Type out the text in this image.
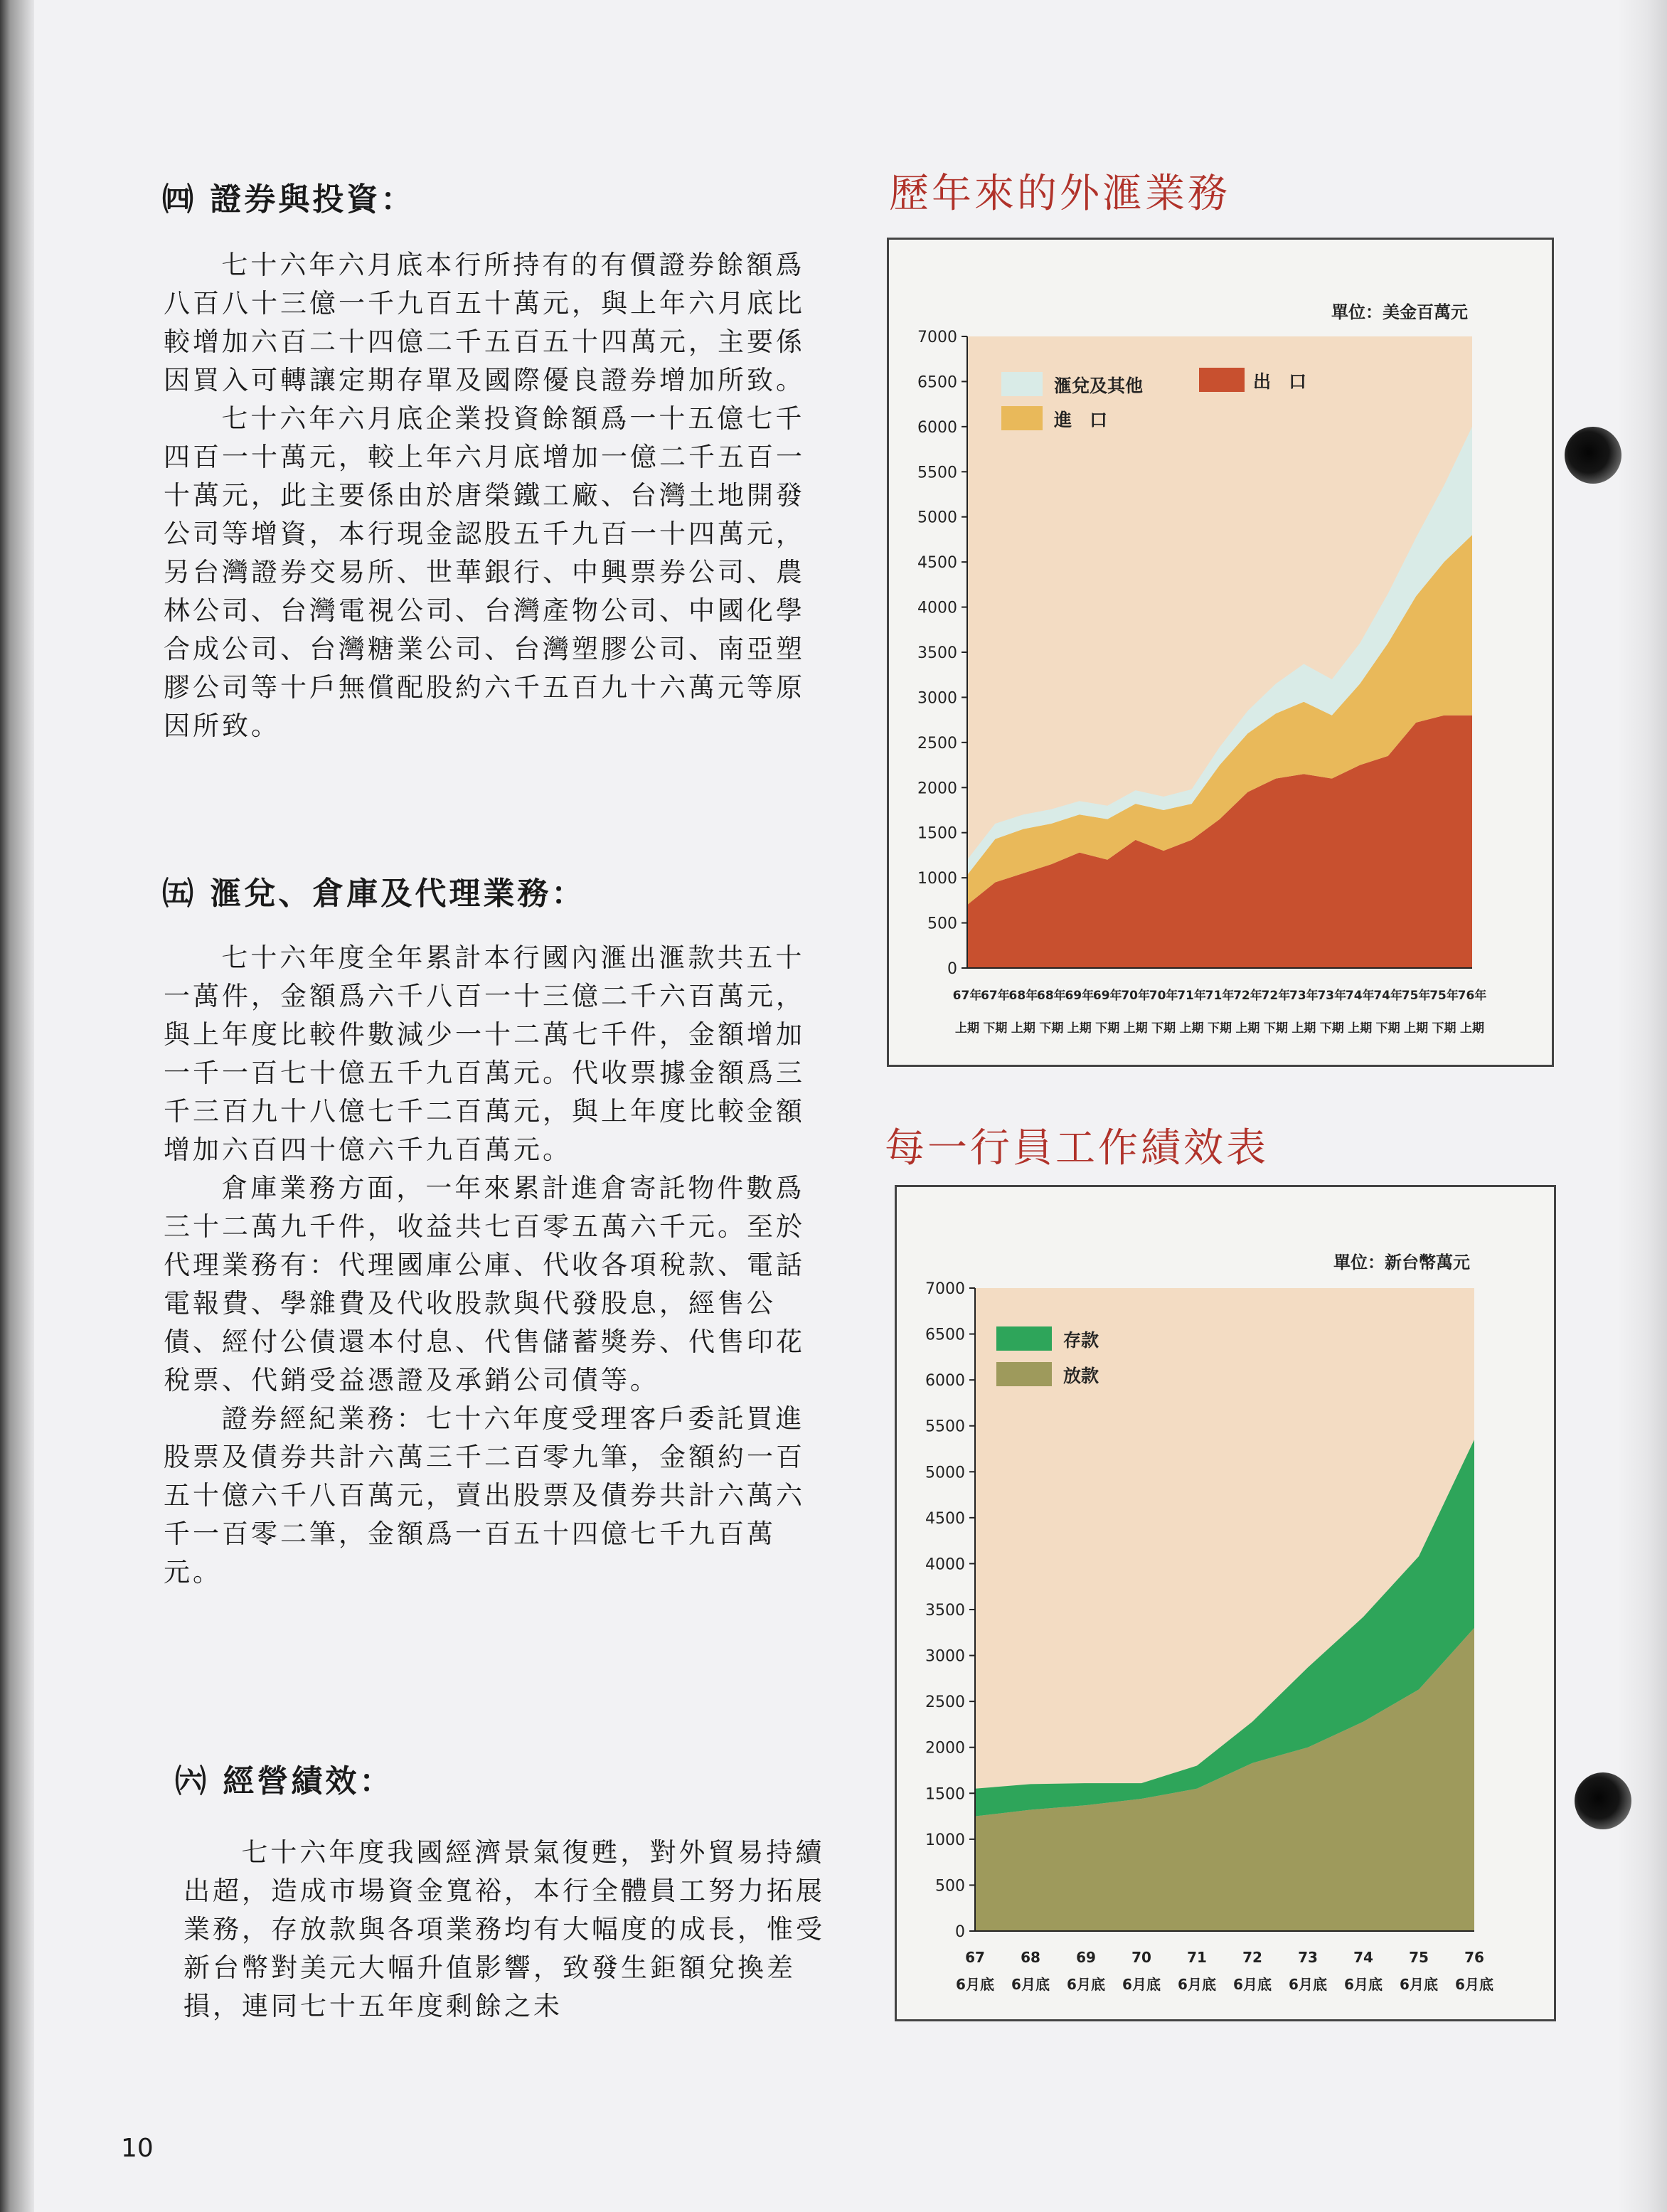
㈣ 證券與投資：

七十六年六月底本行所持有的有價證券餘額爲八百八十三億一千九百五十萬元，與上年六月底比較增加六百二十四億二千五百五十四萬元，主要係因買入可轉讓定期存單及國際優良證券增加所致。

七十六年六月底企業投資餘額爲一十五億七千四百一十萬元，較上年六月底增加一億二千五百一十萬元，此主要係由於唐榮鐵工廠、台灣土地開發公司等增資，本行現金認股五千九百一十四萬元，另台灣證券交易所、世華銀行、中興票券公司、農林公司、台灣電視公司、台灣產物公司、中國化學合成公司、台灣糖業公司、台灣塑膠公司、南亞塑膠公司等十戶無償配股約六千五百九十六萬元等原因所致。

㈤ 滙兌、倉庫及代理業務：

七十六年度全年累計本行國內滙出滙款共五十一萬件，金額爲六千八百一十三億二千六百萬元，與上年度比較件數減少一十二萬七千件，金額增加一千一百七十億五千九百萬元。代收票據金額爲三千三百九十八億七千二百萬元，與上年度比較金額增加六百四十億六千九百萬元。

倉庫業務方面，一年來累計進倉寄託物件數爲三十二萬九千件，收益共七百零五萬六千元。至於代理業務有：代理國庫公庫、代收各項稅款、電話電報費、學雜費及代收股款與代發股息，經售公債、經付公債還本付息、代售儲蓄獎券、代售印花稅票、代銷受益憑證及承銷公司債等。

證券經紀業務：七十六年度受理客戶委託買進股票及債券共計六萬三千二百零九筆，金額約一百五十億六千八百萬元，賣出股票及債券共計六萬六千一百零二筆，金額爲一百五十四億七千九百萬元。

㈥ 經營績效：

七十六年度我國經濟景氣復甦，對外貿易持續出超，造成市場資金寬裕，本行全體員工努力拓展業務，存放款與各項業務均有大幅度的成長，惟受新台幣對美元大幅升值影響，致發生鉅額兌換差損，連同七十五年度剩餘之未

10
歷年來的外滙業務
7000
6500
6000
5500
5000
4500
4000
3500
3000
2500
2000
1500
1000
500
0
67年
上期
67年
下期
68年
上期
68年
下期
69年
上期
69年
下期
70年
上期
70年
下期
71年
上期
71年
下期
72年
上期
72年
下期
73年
上期
73年
下期
74年
上期
74年
下期
75年
上期
75年
下期
76年
上期
單位：美金百萬元
滙兌及其他	出　口
進　口
每一行員工作績效表
7000
6500
6000
5500
5000
4500
4000
3500
3000
2500
2000
1500
1000
500
0
67
6月底
68
6月底
69
6月底
70
6月底
71
6月底
72
6月底
73
6月底
74
6月底
75
6月底
76
6月底
單位：新台幣萬元
存款
放款
